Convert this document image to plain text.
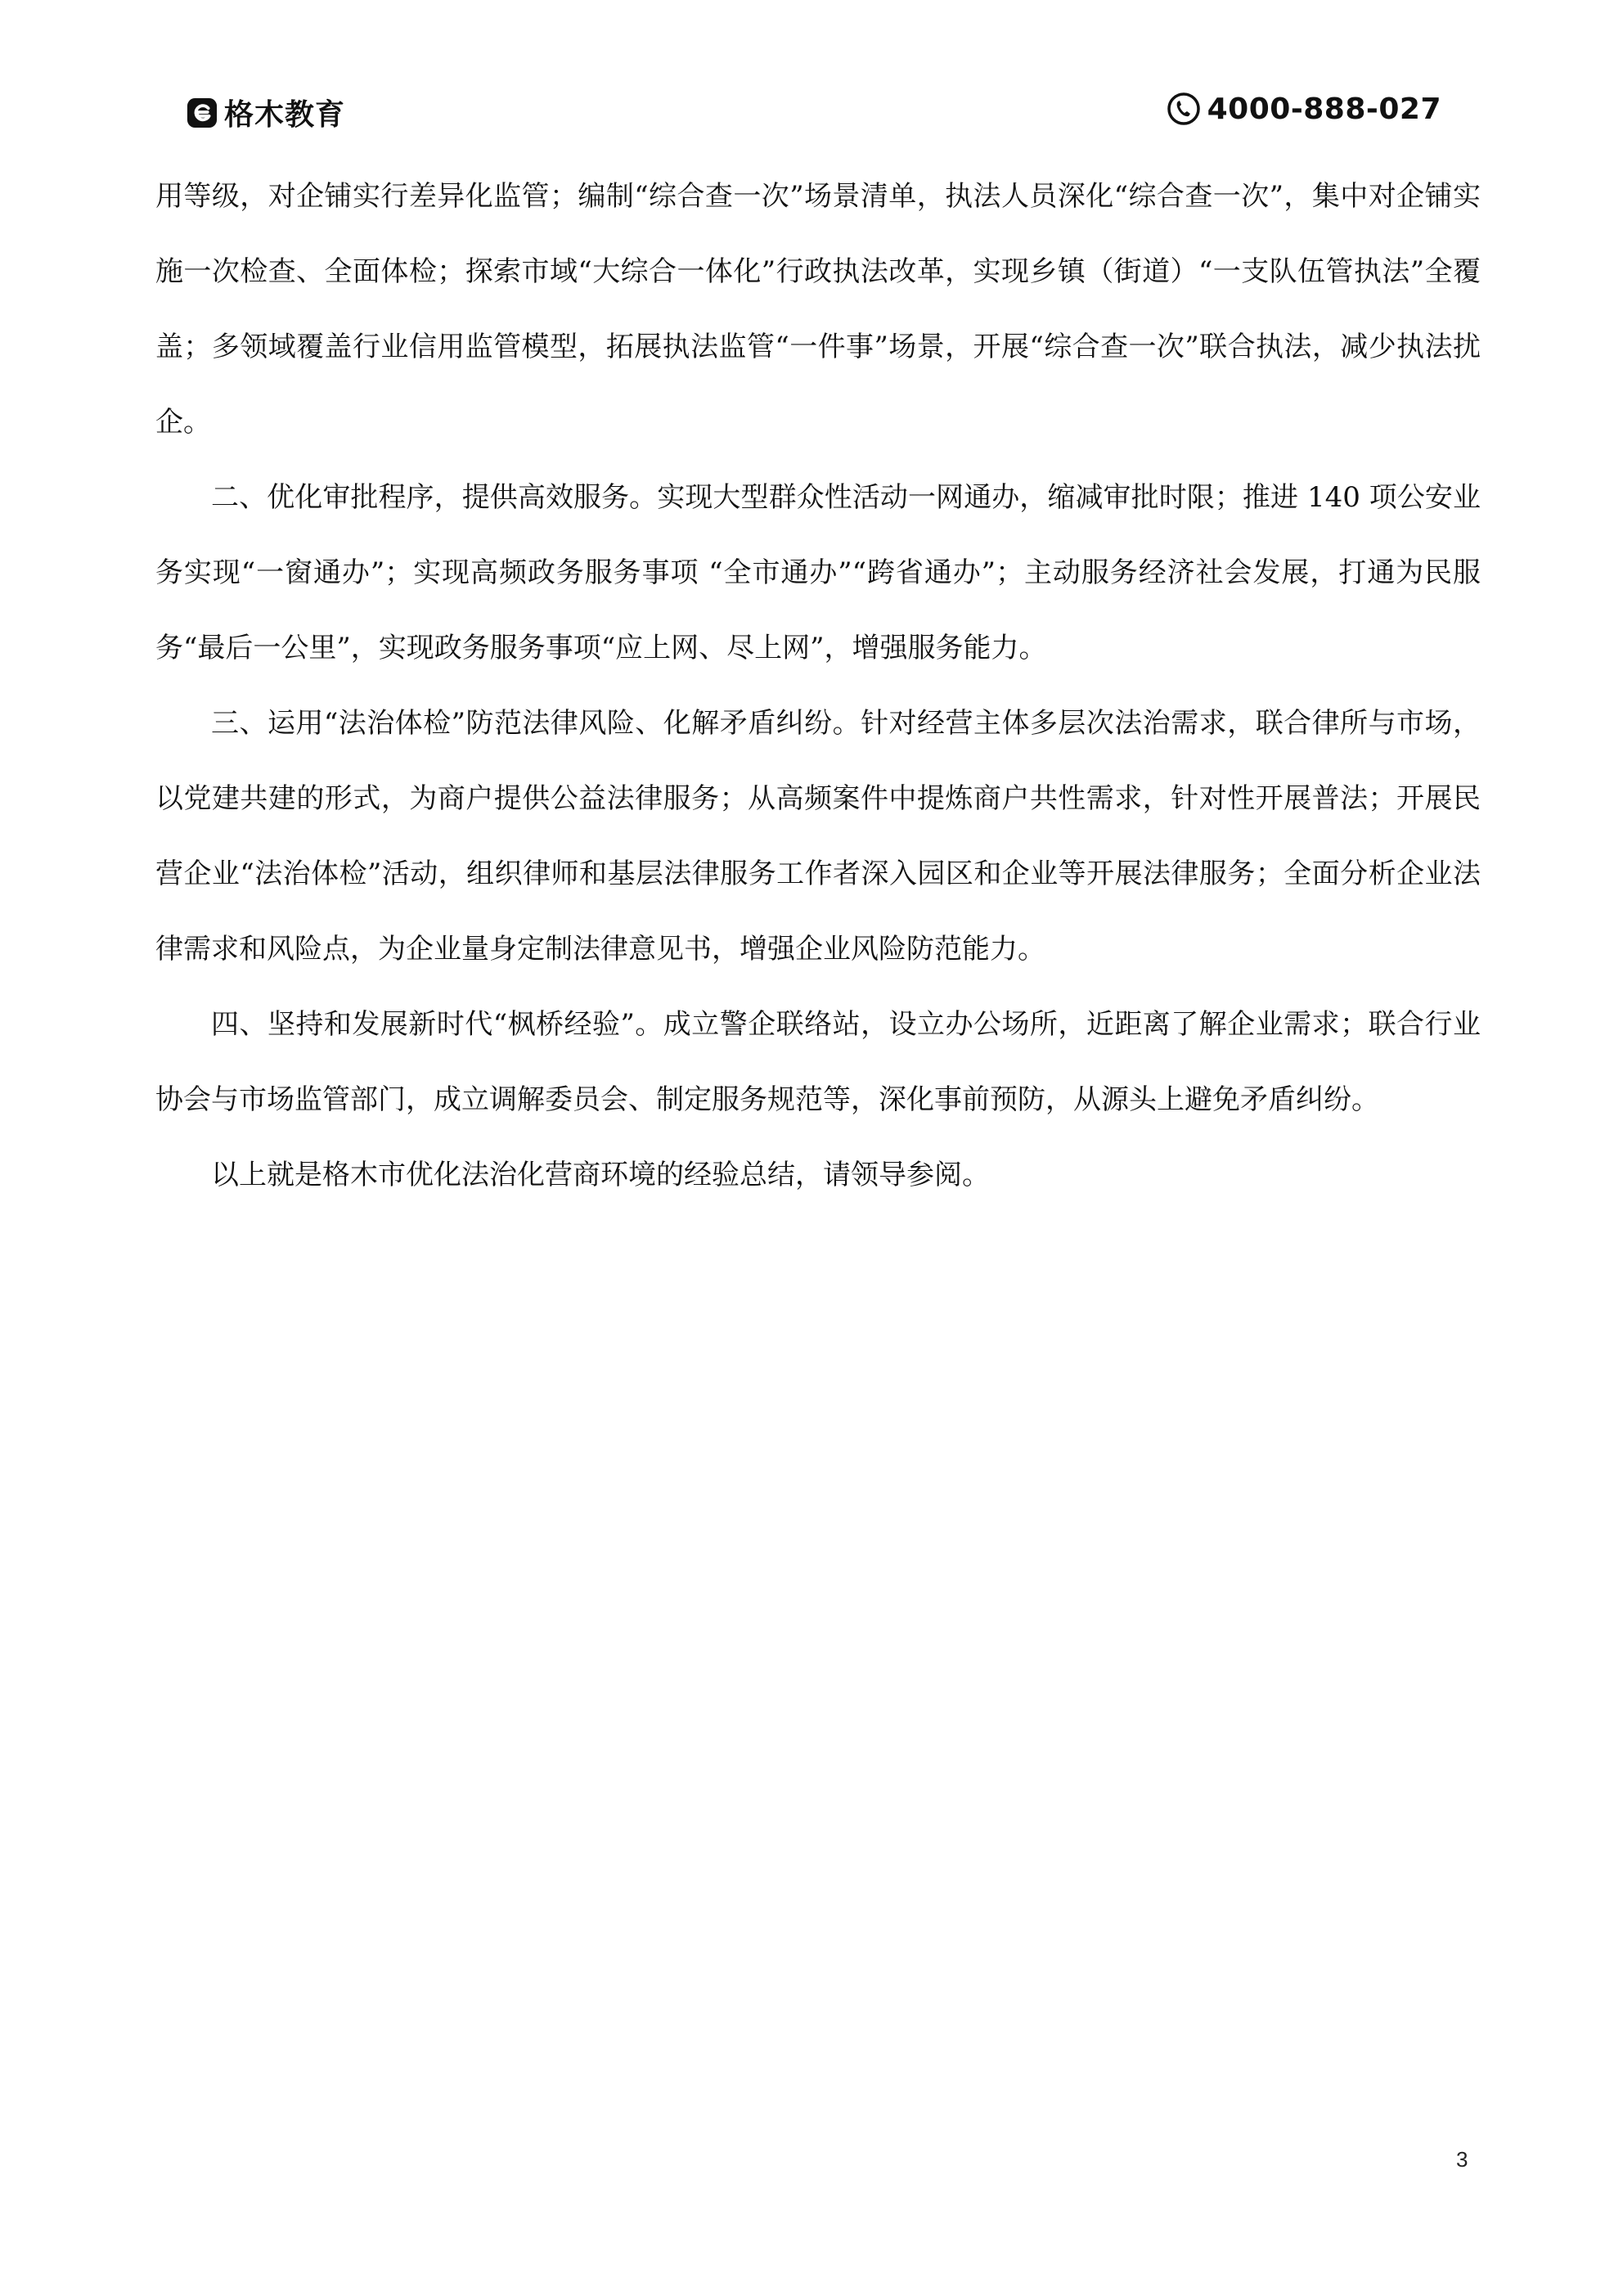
格木教育	4000-888-027

用等级，对企铺实行差异化监管；编制“综合查一次”场景清单，执法人员深化“综合查一次”，集中对企铺实施一次检查、全面体检；探索市域“大综合一体化”行政执法改革，实现乡镇（街道）“一支队伍管执法”全覆盖；多领域覆盖行业信用监管模型，拓展执法监管“一件事”场景，开展“综合查一次”联合执法，减少执法扰企。

二、优化审批程序，提供高效服务。实现大型群众性活动一网通办，缩减审批时限；推进 140 项公安业务实现“一窗通办”；实现高频政务服务事项 “全市通办”“跨省通办”；主动服务经济社会发展，打通为民服务“最后一公里”，实现政务服务事项“应上网、尽上网”，增强服务能力。

三、运用“法治体检”防范法律风险、化解矛盾纠纷。针对经营主体多层次法治需求，联合律所与市场，以党建共建的形式，为商户提供公益法律服务；从高频案件中提炼商户共性需求，针对性开展普法；开展民营企业“法治体检”活动，组织律师和基层法律服务工作者深入园区和企业等开展法律服务；全面分析企业法律需求和风险点，为企业量身定制法律意见书，增强企业风险防范能力。

四、坚持和发展新时代“枫桥经验”。成立警企联络站，设立办公场所，近距离了解企业需求；联合行业协会与市场监管部门，成立调解委员会、制定服务规范等，深化事前预防，从源头上避免矛盾纠纷。

以上就是格木市优化法治化营商环境的经验总结，请领导参阅。

3
